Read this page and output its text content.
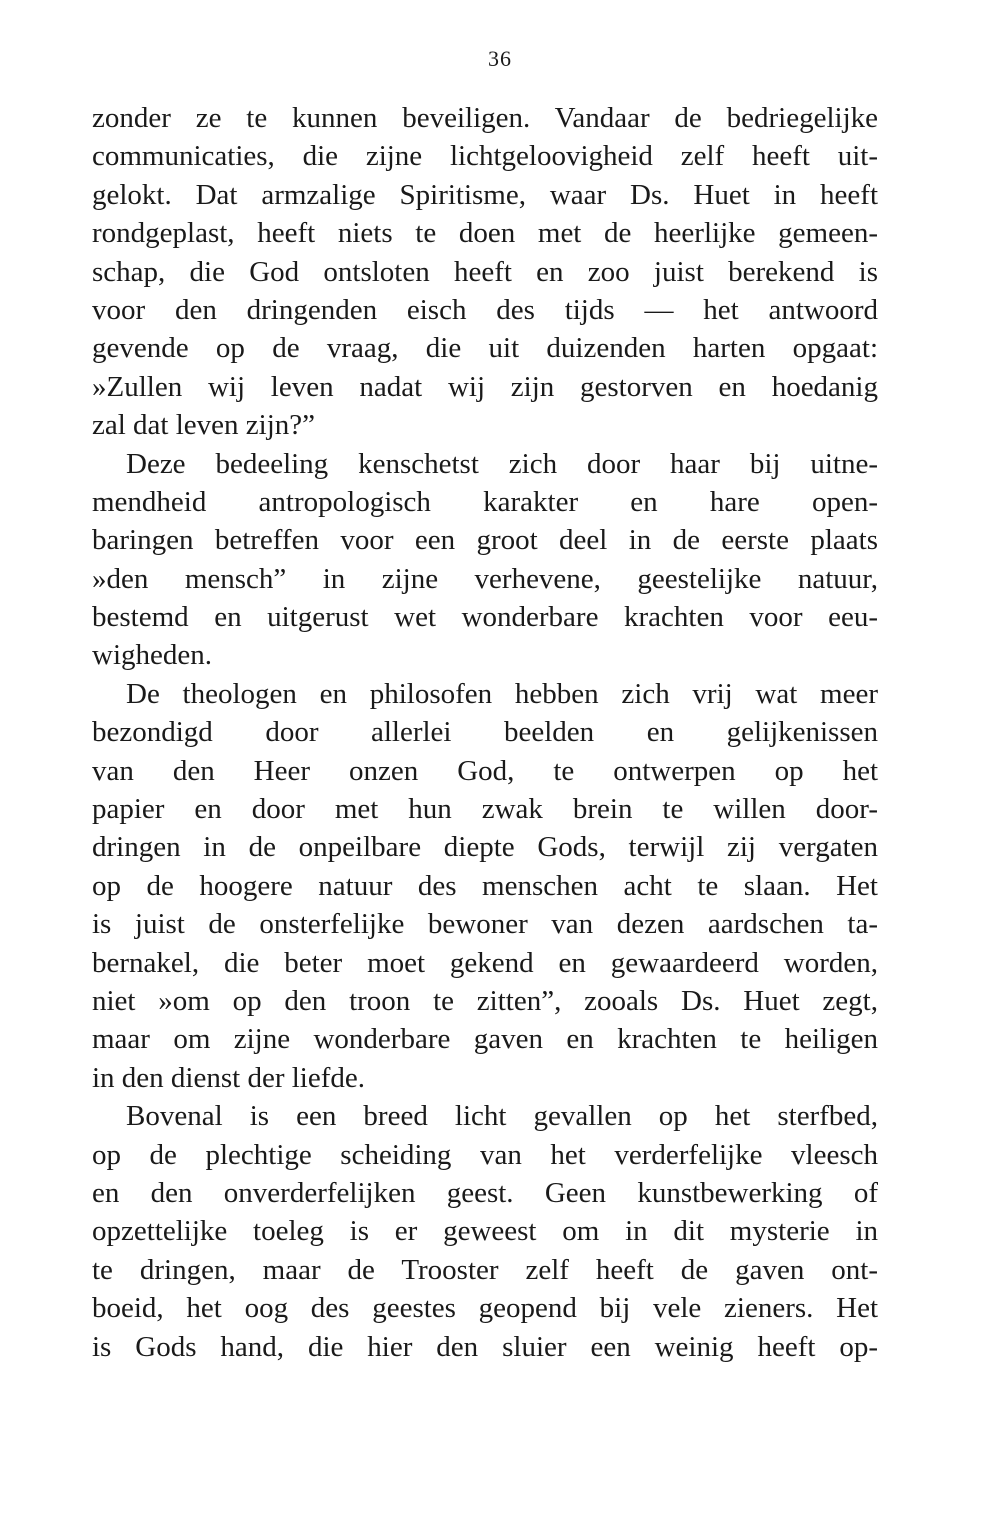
36
zonder ze te kunnen beveiligen. Vandaar de bedriegelijke
communicaties, die zijne lichtgeloovigheid zelf heeft uit-
gelokt. Dat armzalige Spiritisme, waar Ds. Huet in heeft
rondgeplast, heeft niets te doen met de heerlijke gemeen-
schap, die God ontsloten heeft en zoo juist berekend is
voor den dringenden eisch des tijds — het antwoord
gevende op de vraag, die uit duizenden harten opgaat:
»Zullen wij leven nadat wij zijn gestorven en hoedanig
zal dat leven zijn?”
Deze bedeeling kenschetst zich door haar bij uitne-
mendheid antropologisch karakter en hare open-
baringen betreffen voor een groot deel in de eerste plaats
»den mensch” in zijne verhevene, geestelijke natuur,
bestemd en uitgerust wet wonderbare krachten voor eeu-
wigheden.
De theologen en philosofen hebben zich vrij wat meer
bezondigd door allerlei beelden en gelijkenissen
van den Heer onzen God, te ontwerpen op het
papier en door met hun zwak brein te willen door-
dringen in de onpeilbare diepte Gods, terwijl zij vergaten
op de hoogere natuur des menschen acht te slaan. Het
is juist de onsterfelijke bewoner van dezen aardschen ta-
bernakel, die beter moet gekend en gewaardeerd worden,
niet »om op den troon te zitten”, zooals Ds. Huet zegt,
maar om zijne wonderbare gaven en krachten te heiligen
in den dienst der liefde.
Bovenal is een breed licht gevallen op het sterfbed,
op de plechtige scheiding van het verderfelijke vleesch
en den onverderfelijken geest. Geen kunstbewerking of
opzettelijke toeleg is er geweest om in dit mysterie in
te dringen, maar de Trooster zelf heeft de gaven ont-
boeid, het oog des geestes geopend bij vele zieners. Het
is Gods hand, die hier den sluier een weinig heeft op-
